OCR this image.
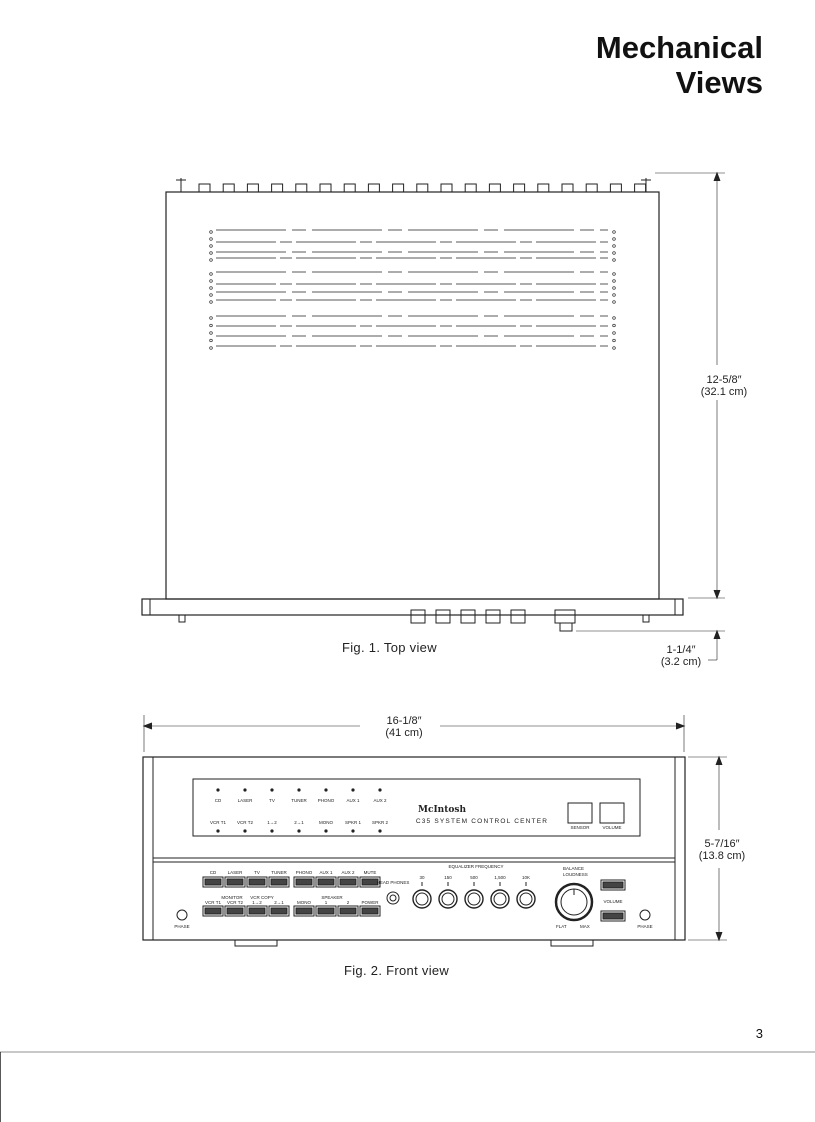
Mechanical
Views
CD	LASER	TV	TUNER PHONO	AUX 1	AUX 2
VCR T1 VCR T2	1→2	2→1	MONO	SPKR 1 SPKR 2
McIntosh
C35 SYSTEM CONTROL CENTER
SENSOR	VOLUME
CD	LASER	TV	TUNER PHONO AUX 1 AUX 2 MUTE
VCR T1 VCR T2 1→2	2→1	MONO	1	2	POWER
MONITOR VCR COPY	SPEAKER
HEAD PHONES
EQUALIZER FREQUENCY
30	150	500	1,500	10K
BALANCE
LOUDNESS
FLAT	MAX
VOLUME
PHASE	PHASE
12-5/8″
(32.1 cm)
1-1/4″
(3.2 cm)
Fig. 1. Top view
16-1/8″
(41 cm)
5-7/16″
(13.8 cm)
Fig. 2. Front view
3
